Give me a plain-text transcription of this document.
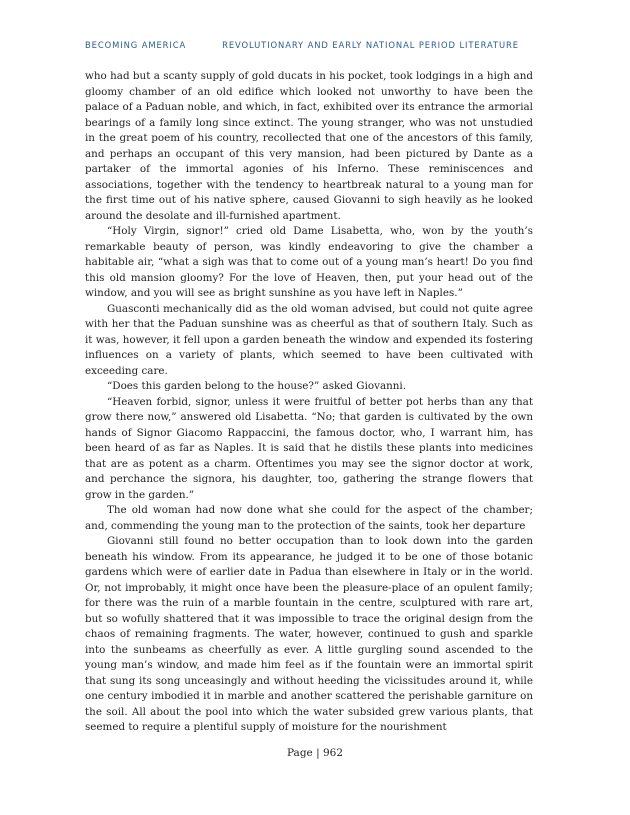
BECOMING AMERICA	REVOLUTIONARY AND EARLY NATIONAL PERIOD LITERATURE

who had but a scanty supply of gold ducats in his pocket, took lodgings in a high and gloomy chamber of an old edifice which looked not unworthy to have been the palace of a Paduan noble, and which, in fact, exhibited over its entrance the armorial bearings of a family long since extinct. The young stranger, who was not unstudied in the great poem of his country, recollected that one of the ancestors of this family, and perhaps an occupant of this very mansion, had been pictured by Dante as a partaker of the immortal agonies of his Inferno. These reminiscences and associations, together with the tendency to heartbreak natural to a young man for the first time out of his native sphere, caused Giovanni to sigh heavily as he looked around the desolate and ill-furnished apartment.

“Holy Virgin, signor!” cried old Dame Lisabetta, who, won by the youth’s remarkable beauty of person, was kindly endeavoring to give the chamber a habitable air, “what a sigh was that to come out of a young man’s heart! Do you find this old mansion gloomy? For the love of Heaven, then, put your head out of the window, and you will see as bright sunshine as you have left in Naples.”

Guasconti mechanically did as the old woman advised, but could not quite agree with her that the Paduan sunshine was as cheerful as that of southern Italy. Such as it was, however, it fell upon a garden beneath the window and expended its fostering influences on a variety of plants, which seemed to have been cultivated with exceeding care.

“Does this garden belong to the house?” asked Giovanni.

“Heaven forbid, signor, unless it were fruitful of better pot herbs than any that grow there now,” answered old Lisabetta. “No; that garden is cultivated by the own hands of Signor Giacomo Rappaccini, the famous doctor, who, I warrant him, has been heard of as far as Naples. It is said that he distils these plants into medicines that are as potent as a charm. Oftentimes you may see the signor doctor at work, and perchance the signora, his daughter, too, gathering the strange flowers that grow in the garden.”

The old woman had now done what she could for the aspect of the chamber; and, commending the young man to the protection of the saints, took her departure

Giovanni still found no better occupation than to look down into the garden beneath his window. From its appearance, he judged it to be one of those botanic gardens which were of earlier date in Padua than elsewhere in Italy or in the world. Or, not improbably, it might once have been the pleasure-place of an opulent family; for there was the ruin of a marble fountain in the centre, sculptured with rare art, but so wofully shattered that it was impossible to trace the original design from the chaos of remaining fragments. The water, however, continued to gush and sparkle into the sunbeams as cheerfully as ever. A little gurgling sound ascended to the young man’s window, and made him feel as if the fountain were an immortal spirit that sung its song unceasingly and without heeding the vicissitudes around it, while one century imbodied it in marble and another scattered the perishable garniture on the soil. All about the pool into which the water subsided grew various plants, that seemed to require a plentiful supply of moisture for the nourishment

Page | 962
